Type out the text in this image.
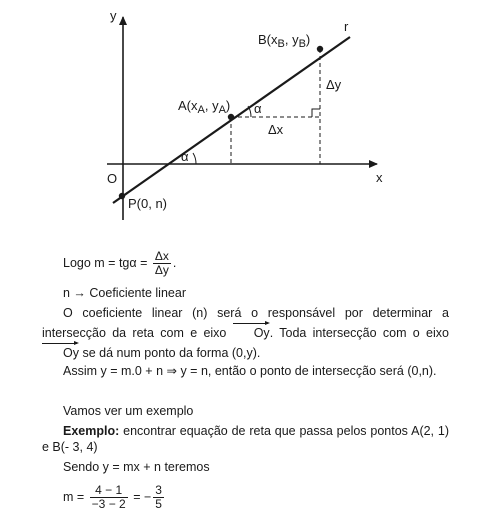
y
x
O
r
$A(x_A$, $y_A$)
$B(x_B$, $y_B$)
P(0, n)
α
α
Δx
Δy

Logo $m = tg\alpha = \frac{\Delta x}{\Delta y}$ .

n → Coeficiente linear

O coeficiente linear (n) será o responsável por determinar a intersecção da reta com e eixo Oy. Toda intersecção com o eixo Oy se dá num ponto da forma (0,y).

Assim y = m.0 + n ⇒ y = n, então o ponto de intersecção será (0,n).

Vamos ver um exemplo

Exemplo: encontrar equação de reta que passa pelos pontos A(2, 1) e B(- 3, 4)

Sendo y = mx + n teremos

$m = \frac{4 - 1}{-3 - 2}$ = − $\frac{3}{5}$
